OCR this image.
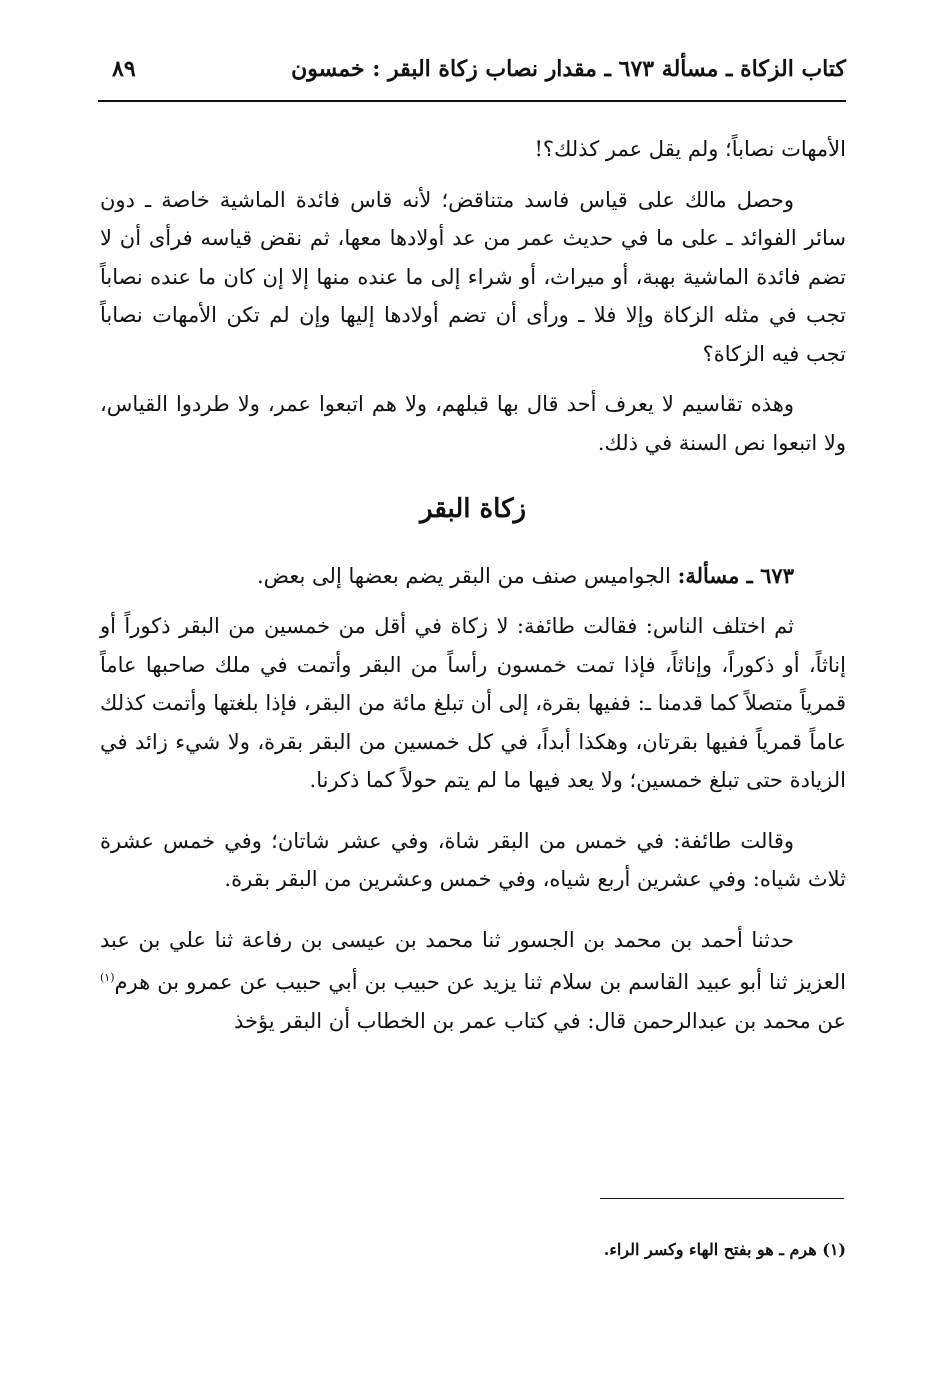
كتاب الزكاة ـ مسألة ٦٧٣ ـ مقدار نصاب زكاة البقر : خمسون
٨٩

الأمهات نصاباً؛ ولم يقل عمر كذلك؟!

وحصل مالك على قياس فاسد متناقض؛ لأنه قاس فائدة الماشية خاصة ـ دون سائر الفوائد ـ على ما في حديث عمر من عد أولادها معها، ثم نقض قياسه فرأى أن لا تضم فائدة الماشية بهبة، أو ميراث، أو شراء إلى ما عنده منها إلا إن كان ما عنده نصاباً تجب في مثله الزكاة وإلا فلا ـ ورأى أن تضم أولادها إليها وإن لم تكن الأمهات نصاباً تجب فيه الزكاة؟

وهذه تقاسيم لا يعرف أحد قال بها قبلهم، ولا هم اتبعوا عمر، ولا طردوا القياس، ولا اتبعوا نص السنة في ذلك.

زكاة البقر

٦٧٣ ـ مسألة: الجواميس صنف من البقر يضم بعضها إلى بعض.

ثم اختلف الناس: فقالت طائفة: لا زكاة في أقل من خمسين من البقر ذكوراً أو إناثاً، أو ذكوراً، وإناثاً، فإذا تمت خمسون رأساً من البقر وأتمت في ملك صاحبها عاماً قمرياً متصلاً كما قدمنا ـ: ففيها بقرة، إلى أن تبلغ مائة من البقر، فإذا بلغتها وأتمت كذلك عاماً قمرياً ففيها بقرتان، وهكذا أبداً، في كل خمسين من البقر بقرة، ولا شيء زائد في الزيادة حتى تبلغ خمسين؛ ولا يعد فيها ما لم يتم حولاً كما ذكرنا.

وقالت طائفة: في خمس من البقر شاة، وفي عشر شاتان؛ وفي خمس عشرة ثلاث شياه: وفي عشرين أربع شياه، وفي خمس وعشرين من البقر بقرة.

حدثنا أحمد بن محمد بن الجسور ثنا محمد بن عيسى بن رفاعة ثنا علي بن عبد العزيز ثنا أبو عبيد القاسم بن سلام ثنا يزيد عن حبيب بن أبي حبيب عن عمرو بن هرم$^{(١)}$ عن محمد بن عبدالرحمن قال: في كتاب عمر بن الخطاب أن البقر يؤخذ

(١) هرم ـ هو بفتح الهاء وكسر الراء.
